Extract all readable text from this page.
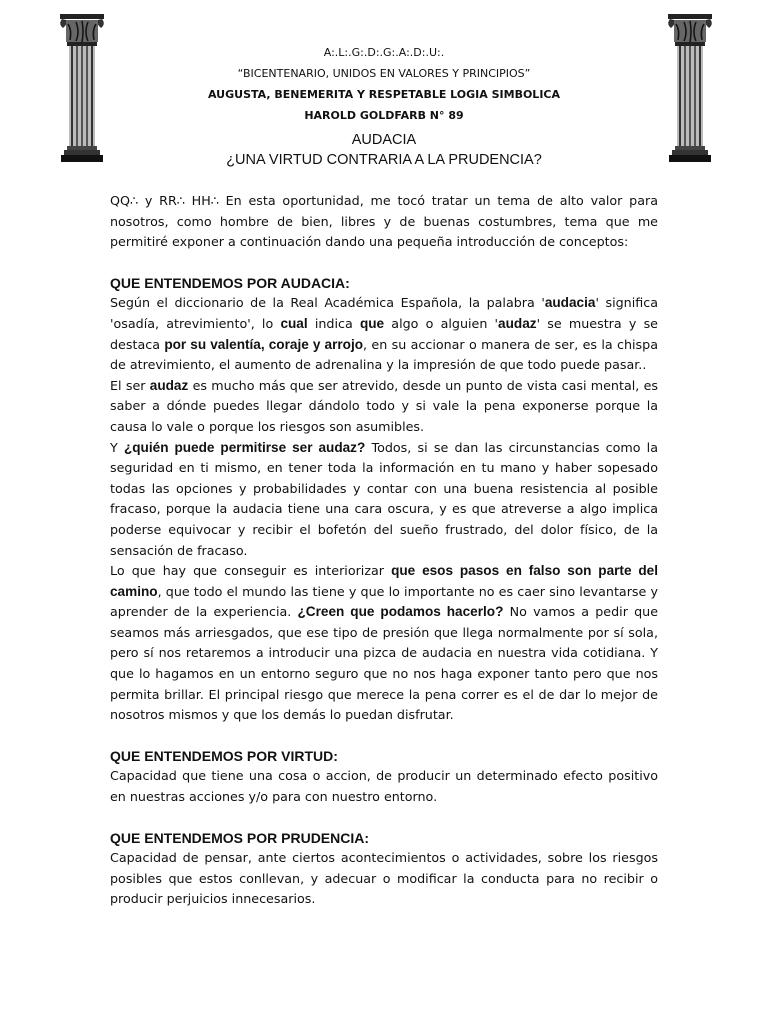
A:.L:.G:.D:.G:.A:.D:.U:.
“BICENTENARIO, UNIDOS EN VALORES Y PRINCIPIOS”
AUGUSTA, BENEMERITA Y RESPETABLE LOGIA SIMBOLICA
HAROLD GOLDFARB N° 89
AUDACIA
¿UNA VIRTUD CONTRARIA A LA PRUDENCIA?

QQ∴ y RR∴ HH∴ En esta oportunidad, me tocó tratar un tema de alto valor para nosotros, como hombre de bien, libres y de buenas costumbres, tema que me permitiré exponer a continuación dando una pequeña introducción de conceptos:

QUE ENTENDEMOS POR AUDACIA:

Según el diccionario de la Real Académica Española, la palabra 'audacia' significa 'osadía, atrevimiento', lo cual indica que algo o alguien 'audaz' se muestra y se destaca por su valentía, coraje y arrojo, en su accionar o manera de ser, es la chispa de atrevimiento, el aumento de adrenalina y la impresión de que todo puede pasar..

El ser audaz es mucho más que ser atrevido, desde un punto de vista casi mental, es saber a dónde puedes llegar dándolo todo y si vale la pena exponerse porque la causa lo vale o porque los riesgos son asumibles.

Y ¿quién puede permitirse ser audaz? Todos, si se dan las circunstancias como la seguridad en ti mismo, en tener toda la información en tu mano y haber sopesado todas las opciones y probabilidades y contar con una buena resistencia al posible fracaso, porque la audacia tiene una cara oscura, y es que atreverse a algo implica poderse equivocar y recibir el bofetón del sueño frustrado, del dolor físico, de la sensación de fracaso.

Lo que hay que conseguir es interiorizar que esos pasos en falso son parte del camino, que todo el mundo las tiene y que lo importante no es caer sino levantarse y aprender de la experiencia. ¿Creen que podamos hacerlo? No vamos a pedir que seamos más arriesgados, que ese tipo de presión que llega normalmente por sí sola, pero sí nos retaremos a introducir una pizca de audacia en nuestra vida cotidiana. Y que lo hagamos en un entorno seguro que no nos haga exponer tanto pero que nos permita brillar. El principal riesgo que merece la pena correr es el de dar lo mejor de nosotros mismos y que los demás lo puedan disfrutar.

QUE ENTENDEMOS POR VIRTUD:

Capacidad que tiene una cosa o accion, de producir un determinado efecto positivo en nuestras acciones y/o para con nuestro entorno.

QUE ENTENDEMOS POR PRUDENCIA:

Capacidad de pensar, ante ciertos acontecimientos o actividades, sobre los riesgos posibles que estos conllevan, y adecuar o modificar la conducta para no recibir o producir perjuicios innecesarios.
